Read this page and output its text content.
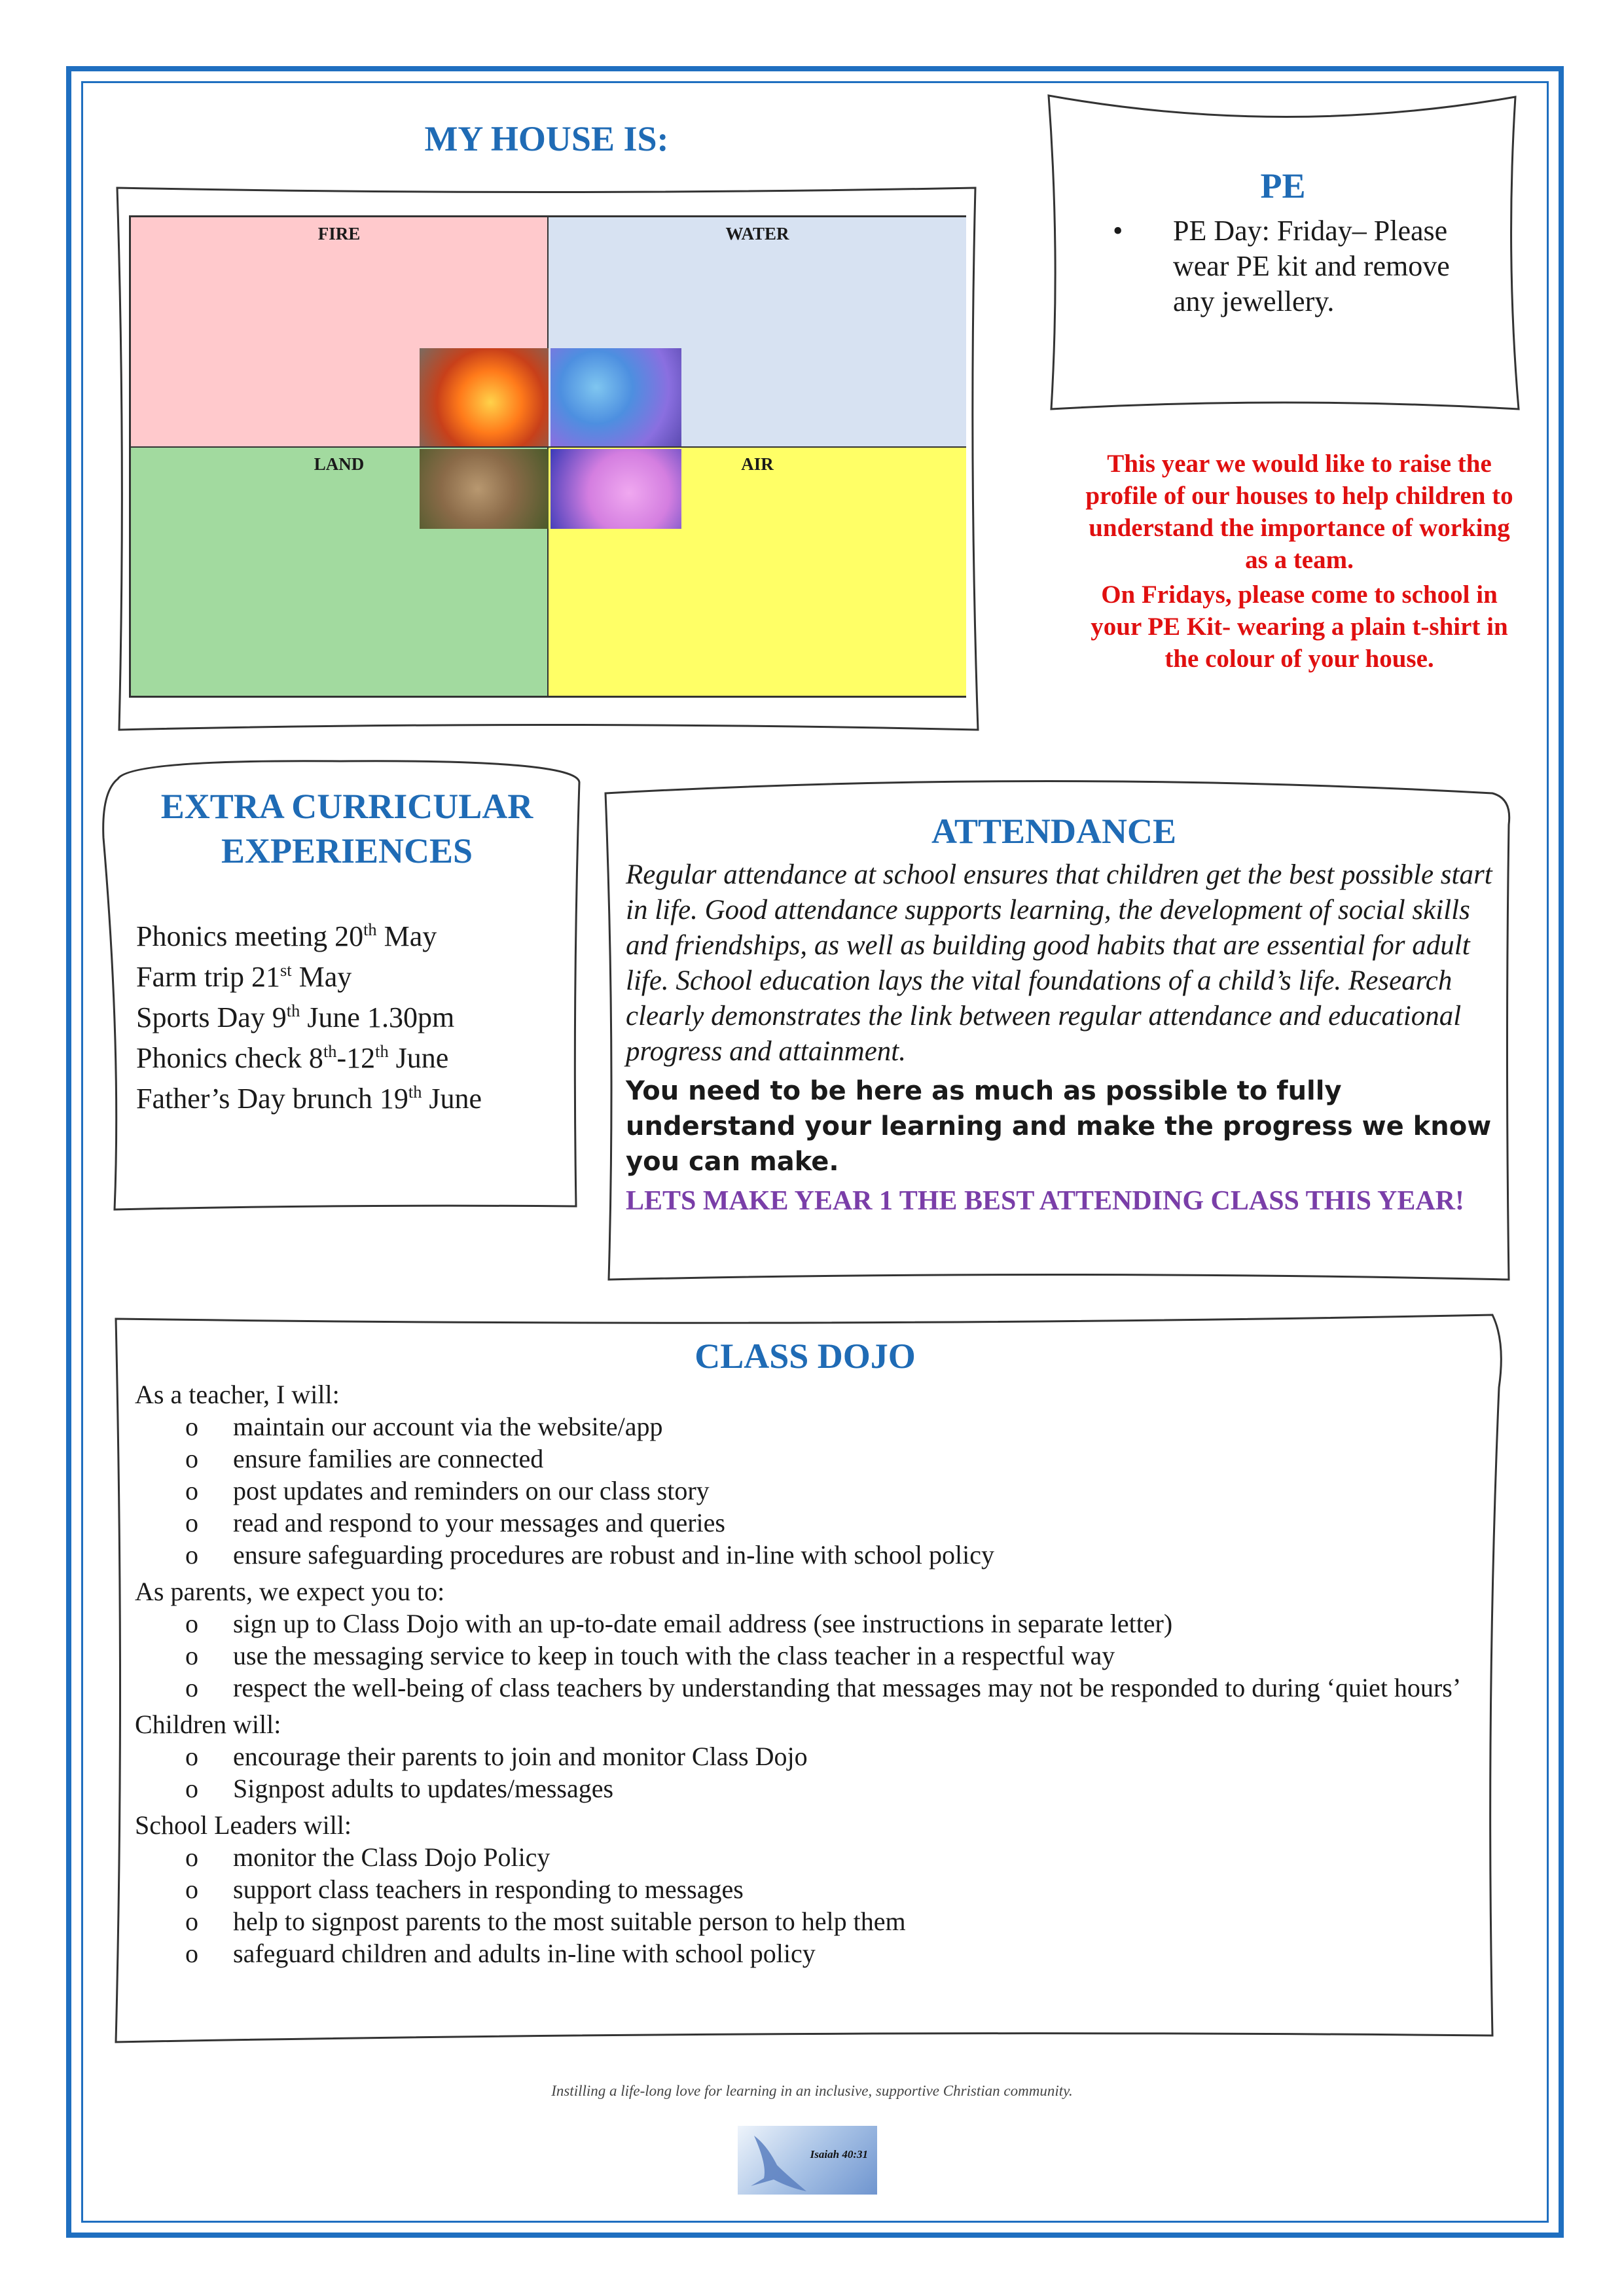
MY HOUSE IS:
FIRE	WATER
LAND	AIR
PE
• PE Day: Friday– Please wear PE kit and remove any jewellery.
This year we would like to raise the profile of our houses to help children to understand the importance of working as a team.
On Fridays, please come to school in your PE Kit- wearing a plain t-shirt in the colour of your house.
EXTRA CURRICULAR EXPERIENCES
Phonics meeting 20th May
Farm trip 21st May
Sports Day 9th June 1.30pm
Phonics check 8th-12th June
Father’s Day brunch 19th June
ATTENDANCE
Regular attendance at school ensures that children get the best possible start in life. Good attendance supports learning, the development of social skills and friendships, as well as building good habits that are essential for adult life. School education lays the vital foundations of a child’s life. Research clearly demonstrates the link between regular attendance and educational progress and attainment.
You need to be here as much as possible to fully understand your learning and make the progress we know you can make.
LETS MAKE YEAR 1 THE BEST ATTENDING CLASS THIS YEAR!
CLASS DOJO
As a teacher, I will:
o maintain our account via the website/app
o ensure families are connected
o post updates and reminders on our class story
o read and respond to your messages and queries
o ensure safeguarding procedures are robust and in-line with school policy
As parents, we expect you to:
o sign up to Class Dojo with an up-to-date email address (see instructions in separate letter)
o use the messaging service to keep in touch with the class teacher in a respectful way
o respect the well-being of class teachers by understanding that messages may not be responded to during ‘quiet hours’
Children will:
o encourage their parents to join and monitor Class Dojo
o Signpost adults to updates/messages
School Leaders will:
o monitor the Class Dojo Policy
o support class teachers in responding to messages
o help to signpost parents to the most suitable person to help them
o safeguard children and adults in-line with school policy
Instilling a life-long love for learning in an inclusive, supportive Christian community.
Isaiah 40:31
